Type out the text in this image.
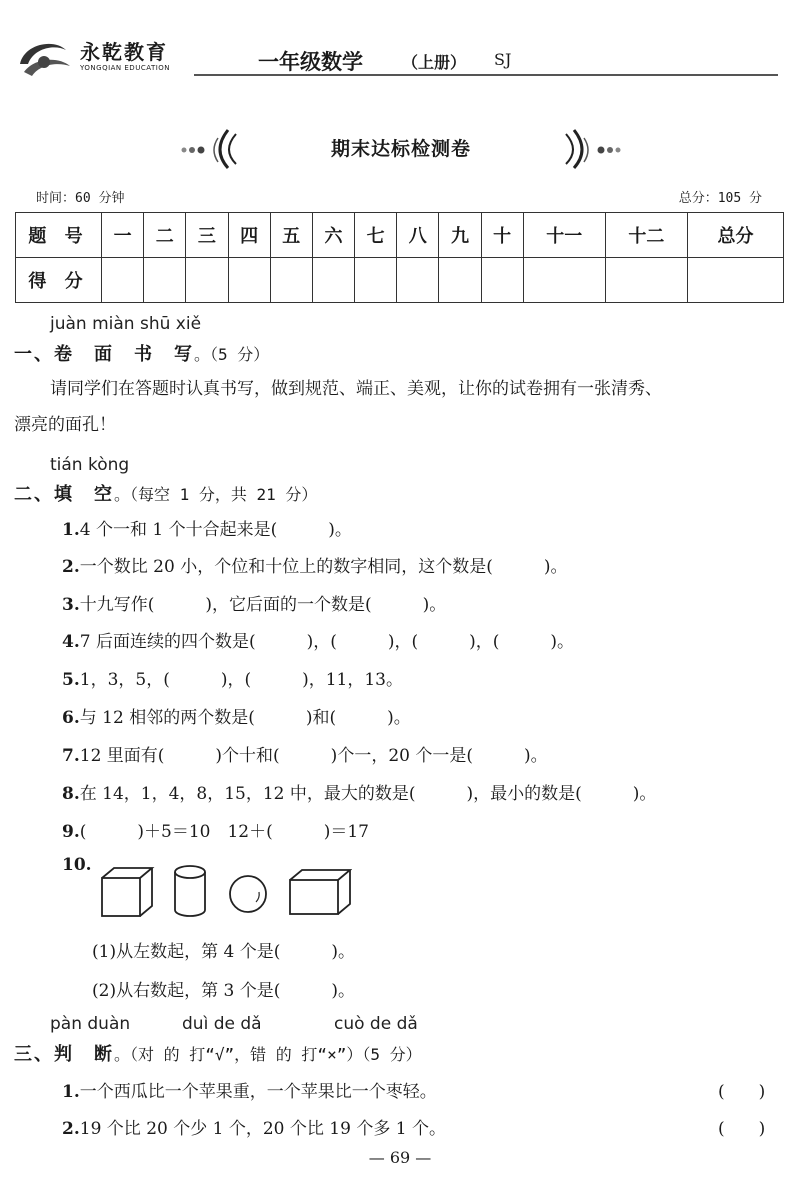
永乾教育
YONGQIAN EDUCATION	一年级数学 （上册） SJ
期末达标检测卷
时间：60 分钟	总分：105 分
题 号	一	二	三	四	五	六	七	八	九	十	十一	十二	总分
得 分													
juàn miàn shū xiě
一、卷　面　书　写。（5 分）
请同学们在答题时认真书写，做到规范、端正、美观，让你的试卷拥有一张清秀、
漂亮的面孔！
tián kòng
二、填　空。（每空 1 分，共 21 分）
1.4 个一和 1 个十合起来是(　　　)。
2.一个数比 20 小，个位和十位上的数字相同，这个数是(　　　)。
3.十九写作(　　　)，它后面的一个数是(　　　)。
4.7 后面连续的四个数是(　　　)，(　　　)，(　　　)，(　　　)。
5.1，3，5，(　　　)，(　　　)，11，13。
6.与 12 相邻的两个数是(　　　)和(　　　)。
7.12 里面有(　　　)个十和(　　　)个一，20 个一是(　　　)。
8.在 14，1，4，8，15，12 中，最大的数是(　　　)，最小的数是(　　　)。
9.(　　　)＋5＝10　12＋(　　　)＝17
10.
(1)从左数起，第 4 个是(　　　)。
(2)从右数起，第 3 个是(　　　)。
pàn duàn	duì de dǎ	cuò de dǎ
三、判　断。（对 的 打“√”，错 的 打“×”）（5 分）
1.一个西瓜比一个苹果重，一个苹果比一个枣轻。	(　　)
2.19 个比 20 个少 1 个，20 个比 19 个多 1 个。	(　　)
— 69 —
